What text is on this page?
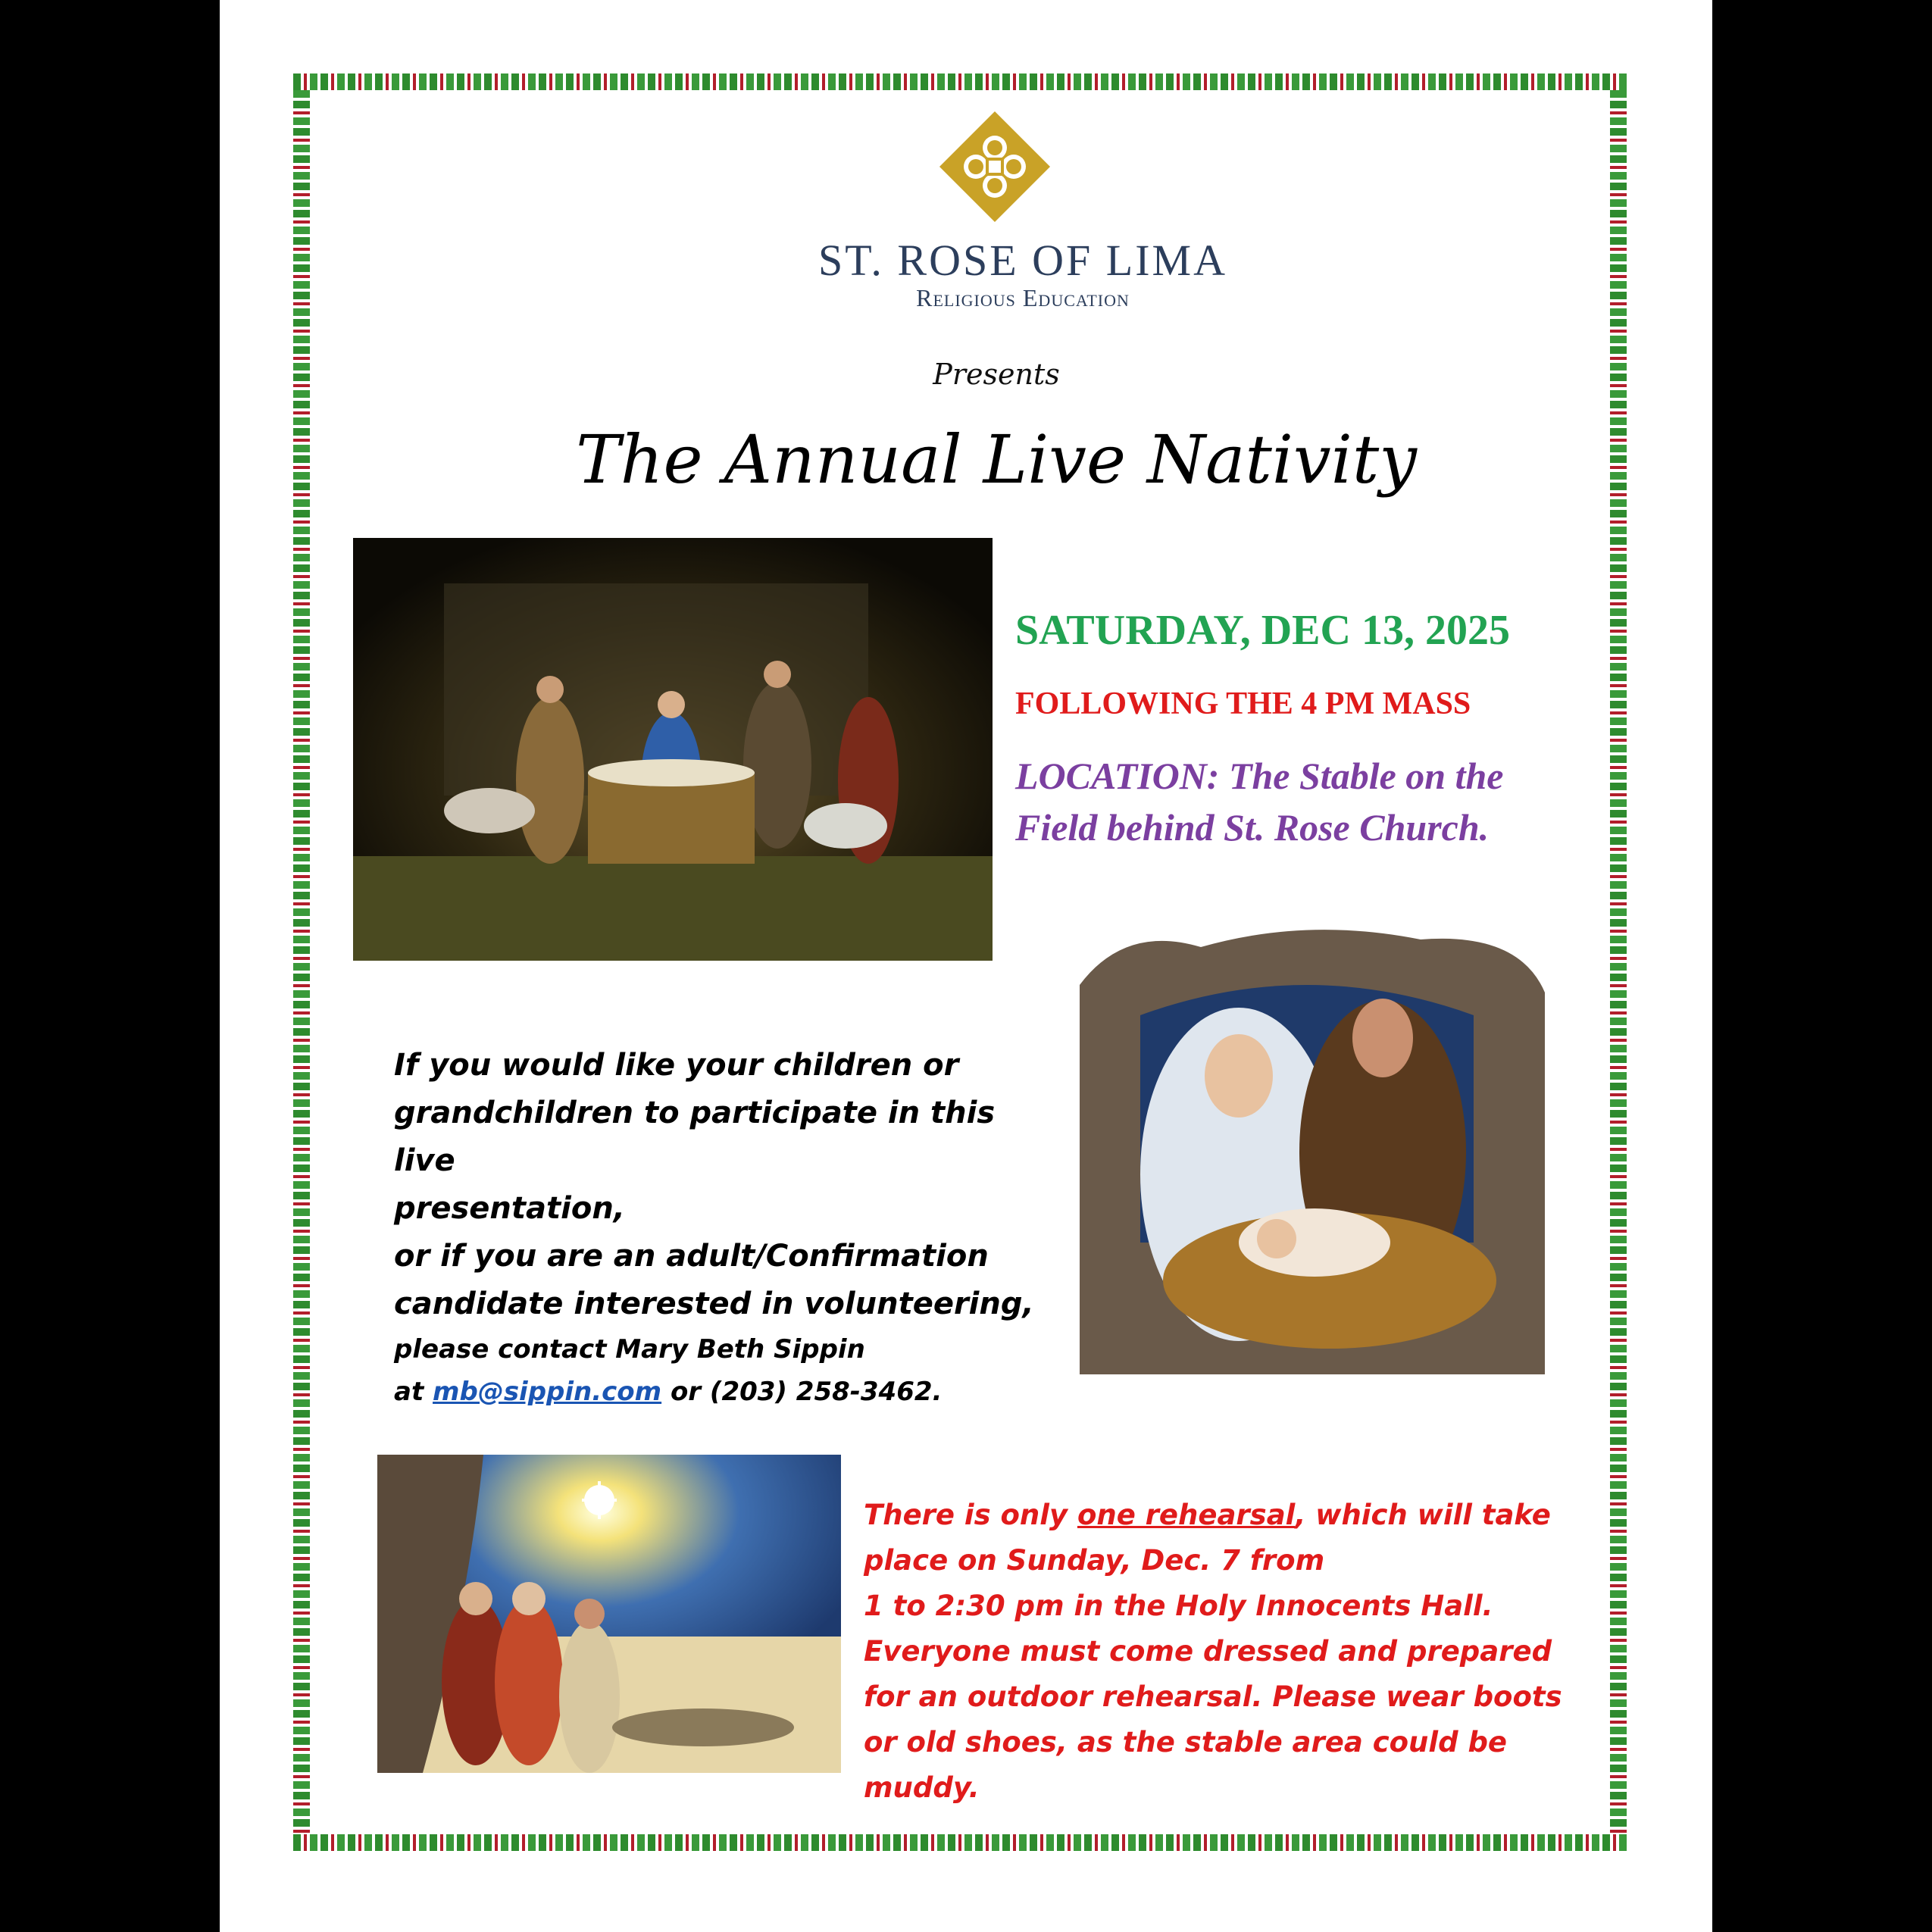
ST. ROSE OF LIMA
Religious Education
Presents
The Annual Live Nativity
SATURDAY, DEC 13, 2025
FOLLOWING THE 4 PM MASS
LOCATION: The Stable on the Field behind St. Rose Church.
If you would like your children or
grandchildren to participate in this live
presentation,
or if you are an adult/Confirmation
candidate interested in volunteering,
please contact Mary Beth Sippin
at mb@sippin.com or (203) 258-3462.
There is only one rehearsal, which will take place on Sunday, Dec. 7 from
1 to 2:30 pm in the Holy Innocents Hall.
Everyone must come dressed and prepared for an outdoor rehearsal. Please wear boots or old shoes, as the stable area could be muddy.
